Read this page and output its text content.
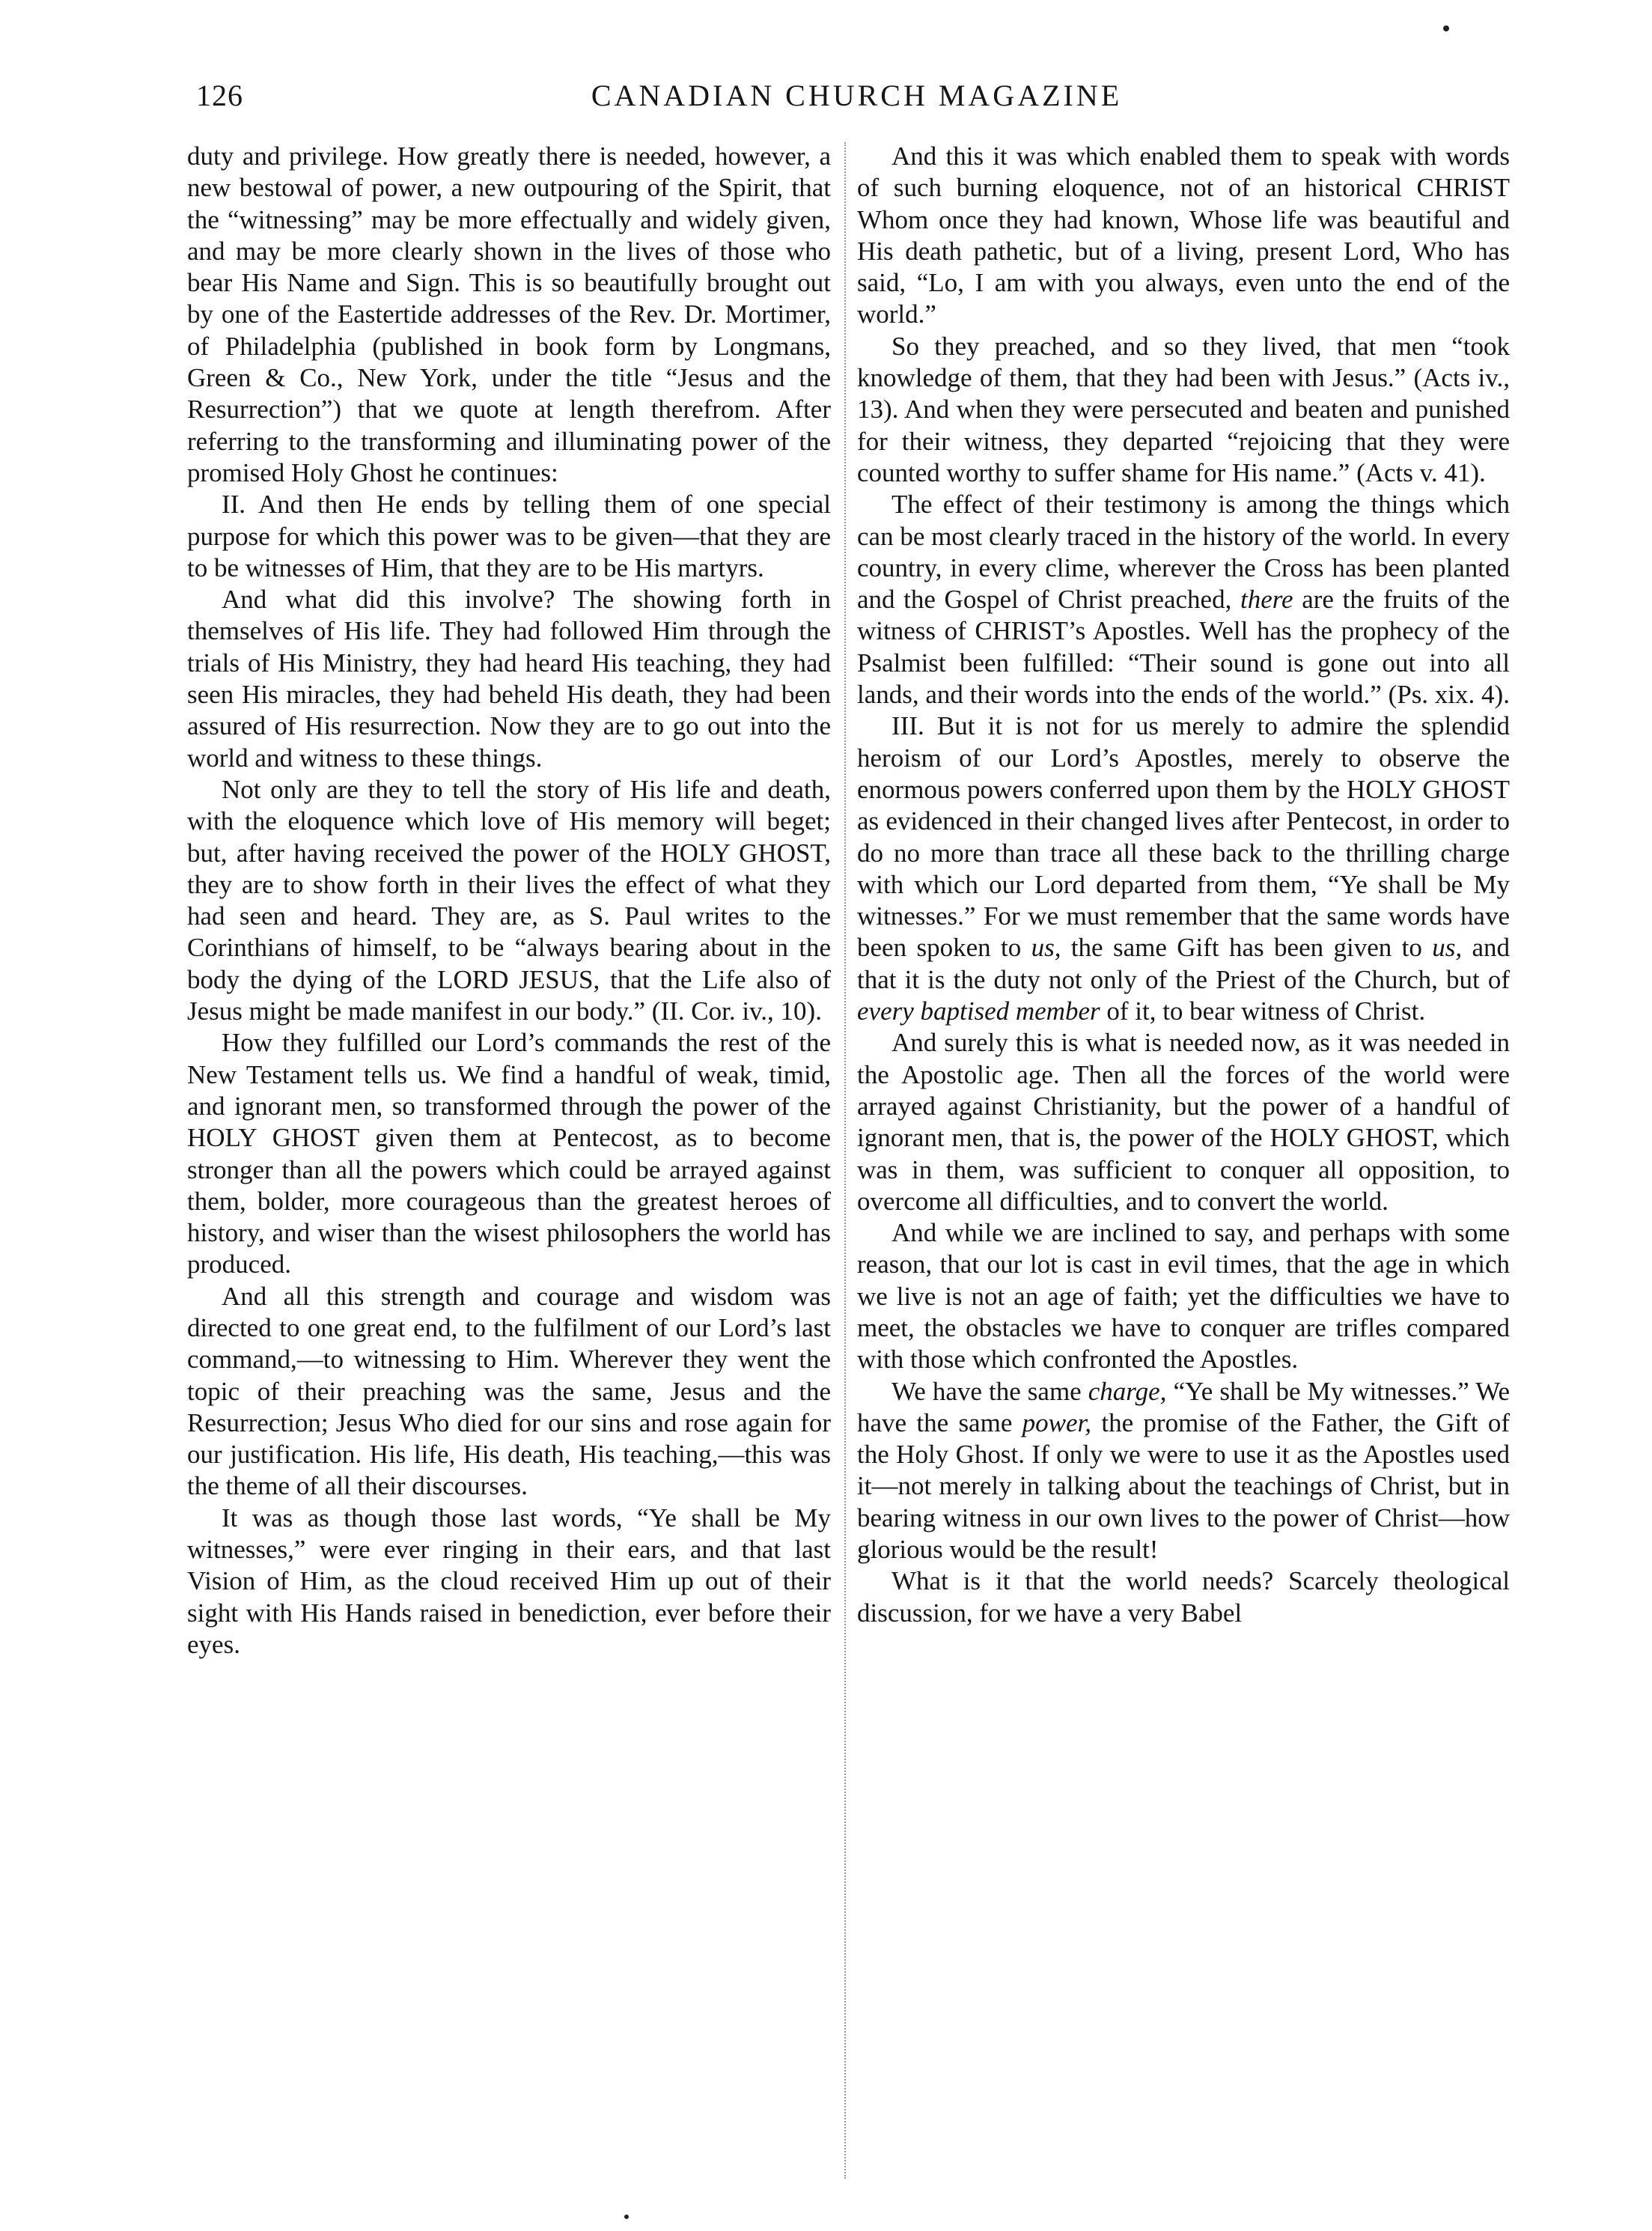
126	CANADIAN CHURCH MAGAZINE

duty and privilege. How greatly there is needed, however, a new bestowal of power, a new outpouring of the Spirit, that the “witnessing” may be more effectually and widely given, and may be more clearly shown in the lives of those who bear His Name and Sign. This is so beautifully brought out by one of the Eastertide addresses of the Rev. Dr. Mortimer, of Philadelphia (published in book form by Longmans, Green & Co., New York, under the title “Jesus and the Resurrection”) that we quote at length therefrom. After referring to the transforming and illuminating power of the promised Holy Ghost he continues:

II. And then He ends by telling them of one special purpose for which this power was to be given—that they are to be witnesses of Him, that they are to be His martyrs.

And what did this involve? The showing forth in themselves of His life. They had followed Him through the trials of His Ministry, they had heard His teaching, they had seen His miracles, they had beheld His death, they had been assured of His resurrection. Now they are to go out into the world and witness to these things.

Not only are they to tell the story of His life and death, with the eloquence which love of His memory will beget; but, after having received the power of the HOLY GHOST, they are to show forth in their lives the effect of what they had seen and heard. They are, as S. Paul writes to the Corinthians of himself, to be “always bearing about in the body the dying of the LORD JESUS, that the Life also of Jesus might be made manifest in our body.” (II. Cor. iv., 10).

How they fulfilled our Lord’s commands the rest of the New Testament tells us. We find a handful of weak, timid, and ignorant men, so transformed through the power of the HOLY GHOST given them at Pentecost, as to become stronger than all the powers which could be arrayed against them, bolder, more courageous than the greatest heroes of history, and wiser than the wisest philosophers the world has produced.

And all this strength and courage and wisdom was directed to one great end, to the fulfilment of our Lord’s last command,—to witnessing to Him. Wherever they went the topic of their preaching was the same, Jesus and the Resurrection; Jesus Who died for our sins and rose again for our justification. His life, His death, His teaching,—this was the theme of all their discourses.

It was as though those last words, “Ye shall be My witnesses,” were ever ringing in their ears, and that last Vision of Him, as the cloud received Him up out of their sight with His Hands raised in benediction, ever before their eyes.

And this it was which enabled them to speak with words of such burning eloquence, not of an historical CHRIST Whom once they had known, Whose life was beautiful and His death pathetic, but of a living, present Lord, Who has said, “Lo, I am with you always, even unto the end of the world.”

So they preached, and so they lived, that men “took knowledge of them, that they had been with Jesus.” (Acts iv., 13). And when they were persecuted and beaten and punished for their witness, they departed “rejoicing that they were counted worthy to suffer shame for His name.” (Acts v. 41).

The effect of their testimony is among the things which can be most clearly traced in the history of the world. In every country, in every clime, wherever the Cross has been planted and the Gospel of Christ preached, there are the fruits of the witness of CHRIST’s Apostles. Well has the prophecy of the Psalmist been fulfilled: “Their sound is gone out into all lands, and their words into the ends of the world.” (Ps. xix. 4).

III. But it is not for us merely to admire the splendid heroism of our Lord’s Apostles, merely to observe the enormous powers conferred upon them by the HOLY GHOST as evidenced in their changed lives after Pentecost, in order to do no more than trace all these back to the thrilling charge with which our Lord departed from them, “Ye shall be My witnesses.” For we must remember that the same words have been spoken to us, the same Gift has been given to us, and that it is the duty not only of the Priest of the Church, but of every baptised member of it, to bear witness of Christ.

And surely this is what is needed now, as it was needed in the Apostolic age. Then all the forces of the world were arrayed against Christianity, but the power of a handful of ignorant men, that is, the power of the HOLY GHOST, which was in them, was sufficient to conquer all opposition, to overcome all difficulties, and to convert the world.

And while we are inclined to say, and perhaps with some reason, that our lot is cast in evil times, that the age in which we live is not an age of faith; yet the difficulties we have to meet, the obstacles we have to conquer are trifles compared with those which confronted the Apostles.

We have the same charge, “Ye shall be My witnesses.” We have the same power, the promise of the Father, the Gift of the Holy Ghost. If only we were to use it as the Apostles used it—not merely in talking about the teachings of Christ, but in bearing witness in our own lives to the power of Christ—how glorious would be the result!

What is it that the world needs? Scarcely theological discussion, for we have a very Babel
